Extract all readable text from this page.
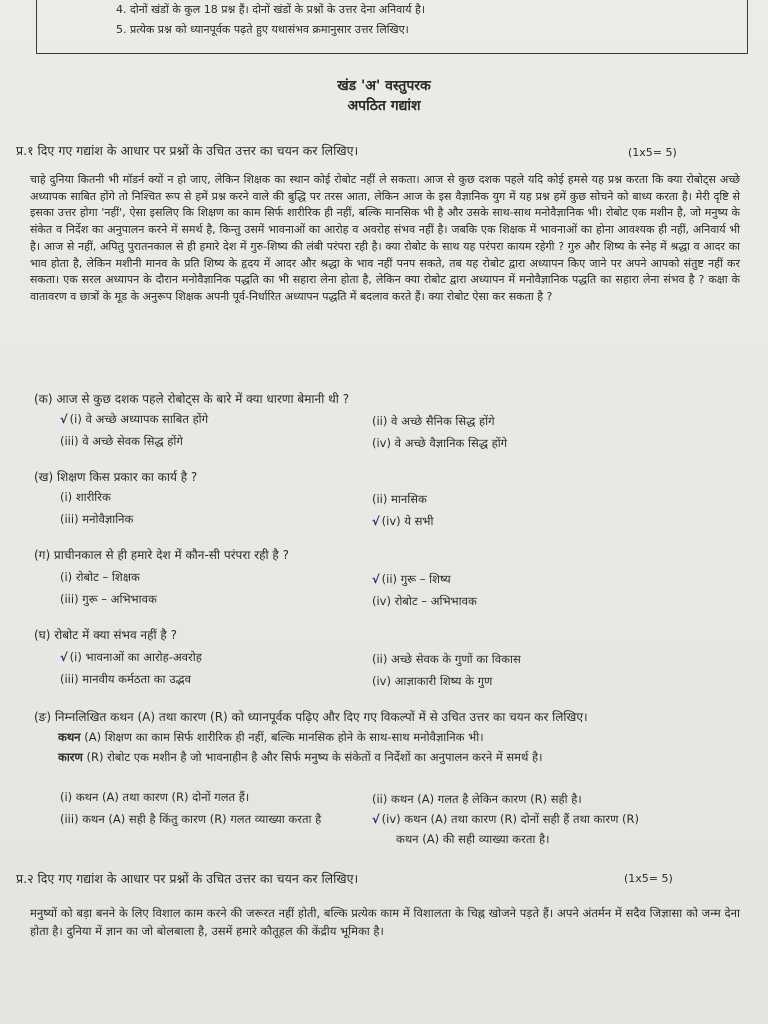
4. दोनों खंडों के कुल 18 प्रश्न हैं। दोनों खंडों के प्रश्नों के उत्तर देना अनिवार्य है।
5. प्रत्येक प्रश्न को ध्यानपूर्वक पढ़ते हुए यथासंभव क्रमानुसार उत्तर लिखिए।
खंड 'अ' वस्तुपरक
अपठित गद्यांश
प्र.१ दिए गए गद्यांश के आधार पर प्रश्नों के उचित उत्तर का चयन कर लिखिए।	(1x5= 5)
चाहे दुनिया कितनी भी मॉडर्न क्यों न हो जाए, लेकिन शिक्षक का स्थान कोई रोबोट नहीं ले सकता। आज से कुछ दशक पहले यदि कोई हमसे यह प्रश्न करता कि क्या रोबोट्स अच्छे अध्यापक साबित होंगे तो निश्चित रूप से हमें प्रश्न करने वाले की बुद्धि पर तरस आता, लेकिन आज के इस वैज्ञानिक युग में यह प्रश्न हमें कुछ सोचने को बाध्य करता है। मेरी दृष्टि से इसका उत्तर होगा 'नहीं', ऐसा इसलिए कि शिक्षण का काम सिर्फ शारीरिक ही नहीं, बल्कि मानसिक भी है और उसके साथ-साथ मनोवैज्ञानिक भी। रोबोट एक मशीन है, जो मनुष्य के संकेत व निर्देश का अनुपालन करने में समर्थ है, किन्तु उसमें भावनाओं का आरोह व अवरोह संभव नहीं है। जबकि एक शिक्षक में भावनाओं का होना आवश्यक ही नहीं, अनिवार्य भी है। आज से नहीं, अपितु पुरातनकाल से ही हमारे देश में गुरु-शिष्य की लंबी परंपरा रही है। क्या रोबोट के साथ यह परंपरा कायम रहेगी ? गुरु और शिष्य के स्नेह में श्रद्धा व आदर का भाव होता है, लेकिन मशीनी मानव के प्रति शिष्य के हृदय में आदर और श्रद्धा के भाव नहीं पनप सकते, तब यह रोबोट द्वारा अध्यापन किए जाने पर अपने आपको संतुष्ट नहीं कर सकता। एक सरल अध्यापन के दौरान मनोवैज्ञानिक पद्धति का भी सहारा लेना होता है, लेकिन क्या रोबोट द्वारा अध्यापन में मनोवैज्ञानिक पद्धति का सहारा लेना संभव है ? कक्षा के वातावरण व छात्रों के मूड के अनुरूप शिक्षक अपनी पूर्व-निर्धारित अध्यापन पद्धति में बदलाव करते हैं। क्या रोबोट ऐसा कर सकता है ?
(क) आज से कुछ दशक पहले रोबोट्स के बारे में क्या धारणा बेमानी थी ?
√ (i) वे अच्छे अध्यापक साबित होंगे	(ii) वे अच्छे सैनिक सिद्ध होंगे
(iii) वे अच्छे सेवक सिद्ध होंगे	(iv) वे अच्छे वैज्ञानिक सिद्ध होंगे
(ख) शिक्षण किस प्रकार का कार्य है ?
(i) शारीरिक	(ii) मानसिक
(iii) मनोवैज्ञानिक	√ (iv) ये सभी
(ग) प्राचीनकाल से ही हमारे देश में कौन-सी परंपरा रही है ?
(i) रोबोट – शिक्षक	√ (ii) गुरू – शिष्य
(iii) गुरू – अभिभावक	(iv) रोबोट – अभिभावक
(घ) रोबोट में क्या संभव नहीं है ?
√ (i) भावनाओं का आरोह-अवरोह	(ii) अच्छे सेवक के गुणों का विकास
(iii) मानवीय कर्मठता का उद्भव	(iv) आज्ञाकारी शिष्य के गुण
(ङ) निम्नलिखित कथन (A) तथा कारण (R) को ध्यानपूर्वक पढ़िए और दिए गए विकल्पों में से उचित उत्तर का चयन कर लिखिए।
कथन (A) शिक्षण का काम सिर्फ शारीरिक ही नहीं, बल्कि मानसिक होने के साथ-साथ मनोवैज्ञानिक भी।
कारण (R) रोबोट एक मशीन है जो भावनाहीन है और सिर्फ मनुष्य के संकेतों व निर्देशों का अनुपालन करने में समर्थ है।
(i) कथन (A) तथा कारण (R) दोनों गलत हैं।	(ii) कथन (A) गलत है लेकिन कारण (R) सही है।
(iii) कथन (A) सही है किंतु कारण (R) गलत व्याख्या करता है	√ (iv) कथन (A) तथा कारण (R) दोनों सही हैं तथा कारण (R)
कथन (A) की सही व्याख्या करता है।
प्र.२ दिए गए गद्यांश के आधार पर प्रश्नों के उचित उत्तर का चयन कर लिखिए।	(1x5= 5)
मनुष्यों को बड़ा बनने के लिए विशाल काम करने की जरूरत नहीं होती, बल्कि प्रत्येक काम में विशालता के चिह्न खोजने पड़ते हैं। अपने अंतर्मन में सदैव जिज्ञासा को जन्म देना होता है। दुनिया में ज्ञान का जो बोलबाला है, उसमें हमारे कौतूहल की केंद्रीय भूमिका है।
